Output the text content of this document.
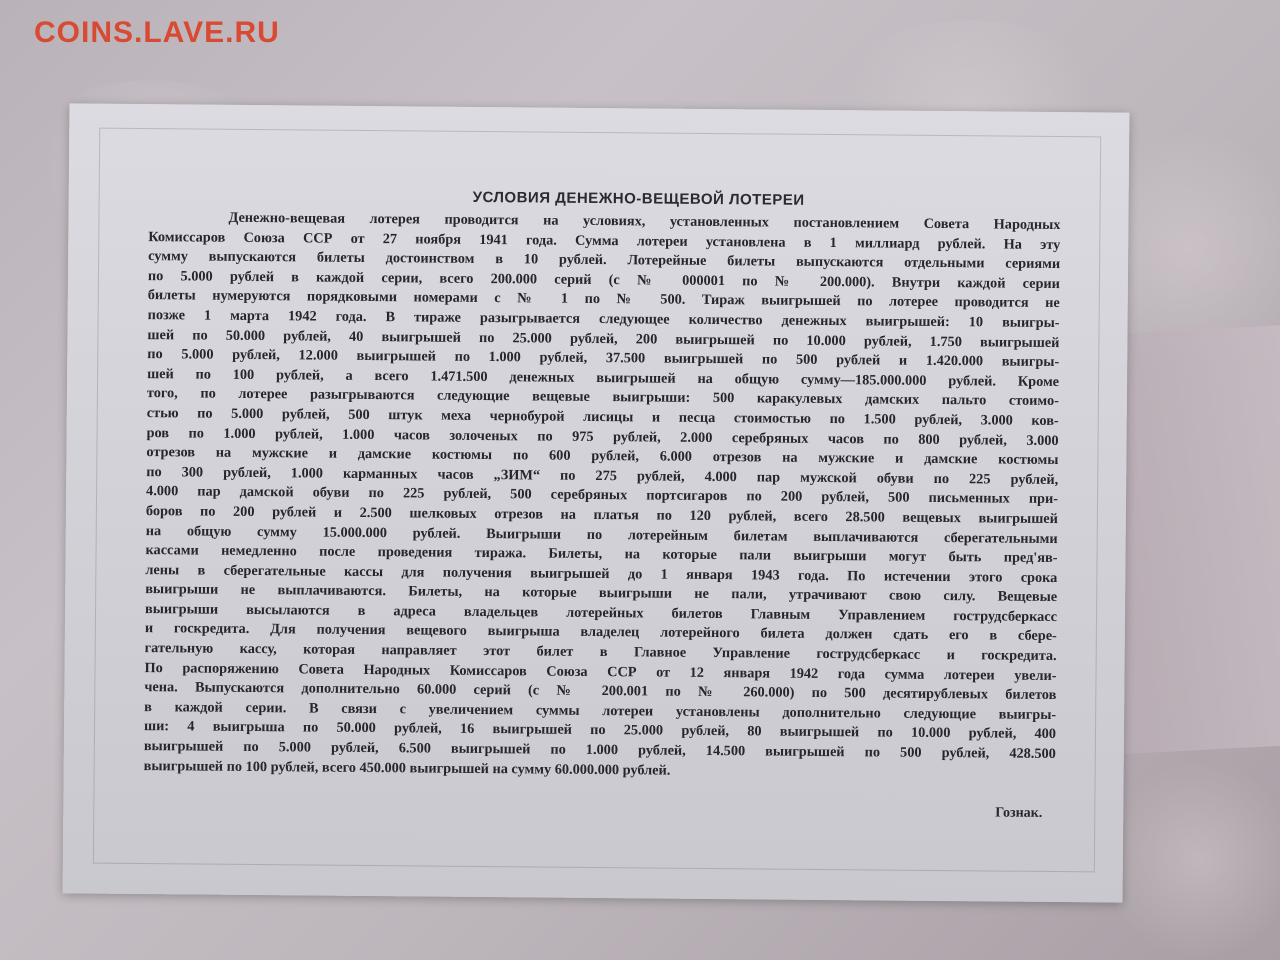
COINS.LAVE.RU
УСЛОВИЯ ДЕНЕЖНО-ВЕЩЕВОЙ ЛОТЕРЕИ
Денежно-вещевая лотерея проводится на условиях, установленных постановлением Совета Народных
Комиссаров Союза ССР от 27 ноября 1941 года. Сумма лотереи установлена в 1 миллиард рублей. На эту
сумму выпускаются билеты достоинством в 10 рублей. Лотерейные билеты выпускаются отдельными сериями
по 5.000 рублей в каждой серии, всего 200.000 серий (с № 000001 по № 200.000). Внутри каждой серии
билеты нумеруются порядковыми номерами с № 1 по № 500. Тираж выигрышей по лотерее проводится не
позже 1 марта 1942 года. В тираже разыгрывается следующее количество денежных выигрышей: 10 выигры-
шей по 50.000 рублей, 40 выигрышей по 25.000 рублей, 200 выигрышей по 10.000 рублей, 1.750 выигрышей
по 5.000 рублей, 12.000 выигрышей по 1.000 рублей, 37.500 выигрышей по 500 рублей и 1.420.000 выигры-
шей по 100 рублей, а всего 1.471.500 денежных выигрышей на общую сумму—185.000.000 рублей. Кроме
того, по лотерее разыгрываются следующие вещевые выигрыши: 500 каракулевых дамских пальто стоимо-
стью по 5.000 рублей, 500 штук меха чернобурой лисицы и песца стоимостью по 1.500 рублей, 3.000 ков-
ров по 1.000 рублей, 1.000 часов золоченых по 975 рублей, 2.000 серебряных часов по 800 рублей, 3.000
отрезов на мужские и дамские костюмы по 600 рублей, 6.000 отрезов на мужские и дамские костюмы
по 300 рублей, 1.000 карманных часов „ЗИМ“ по 275 рублей, 4.000 пар мужской обуви по 225 рублей,
4.000 пар дамской обуви по 225 рублей, 500 серебряных портсигаров по 200 рублей, 500 письменных при-
боров по 200 рублей и 2.500 шелковых отрезов на платья по 120 рублей, всего 28.500 вещевых выигрышей
на общую сумму 15.000.000 рублей. Выигрыши по лотерейным билетам выплачиваются сберегательными
кассами немедленно после проведения тиража. Билеты, на которые пали выигрыши могут быть пред'яв-
лены в сберегательные кассы для получения выигрышей до 1 января 1943 года. По истечении этого срока
выигрыши не выплачиваются. Билеты, на которые выигрыши не пали, утрачивают свою силу. Вещевые
выигрыши высылаются в адреса владельцев лотерейных билетов Главным Управлением гострудсберкасс
и госкредита. Для получения вещевого выигрыша владелец лотерейного билета должен сдать его в сбере-
гательную кассу, которая направляет этот билет в Главное Управление гострудсберкасс и госкредита.
По распоряжению Совета Народных Комиссаров Союза ССР от 12 января 1942 года сумма лотереи увели-
чена. Выпускаются дополнительно 60.000 серий (с № 200.001 по № 260.000) по 500 десятирублевых билетов
в каждой серии. В связи с увеличением суммы лотереи установлены дополнительно следующие выигры-
ши: 4 выигрыша по 50.000 рублей, 16 выигрышей по 25.000 рублей, 80 выигрышей по 10.000 рублей, 400
выигрышей по 5.000 рублей, 6.500 выигрышей по 1.000 рублей, 14.500 выигрышей по 500 рублей, 428.500
выигрышей по 100 рублей, всего 450.000 выигрышей на сумму 60.000.000 рублей.
Гознак.
